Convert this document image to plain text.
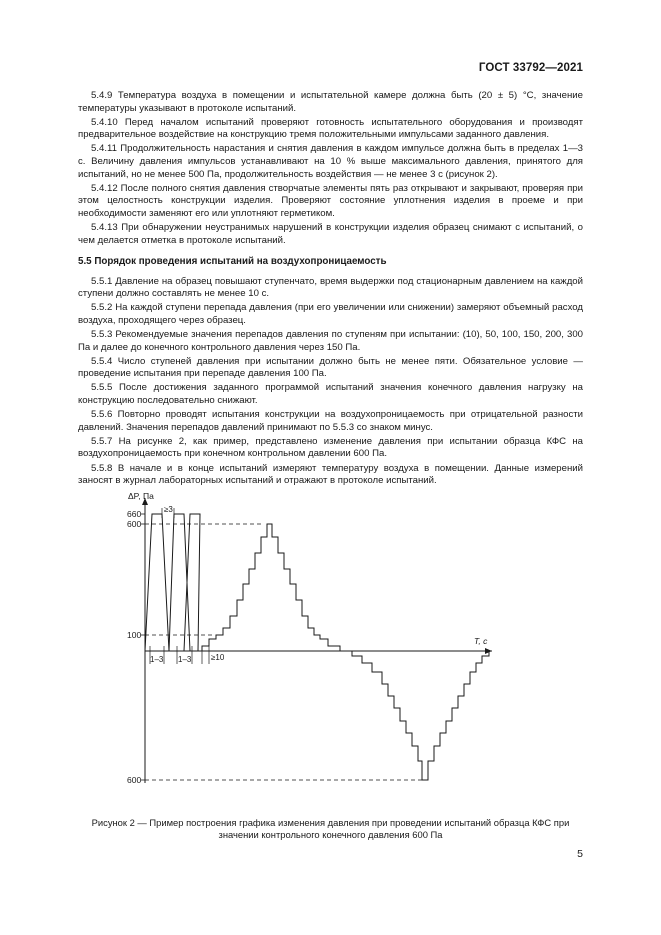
ГОСТ 33792—2021

5.4.9 Температура воздуха в помещении и испытательной камере должна быть (20 ± 5) °С, значение температуры указывают в протоколе испытаний.

5.4.10 Перед началом испытаний проверяют готовность испытательного оборудования и производят предварительное воздействие на конструкцию тремя положительными импульсами заданного давления.

5.4.11 Продолжительность нарастания и снятия давления в каждом импульсе должна быть в пределах 1—3 с. Величину давления импульсов устанавливают на 10 % выше максимального давления, принятого для испытаний, но не менее 500 Па, продолжительность воздействия — не менее 3 с (рисунок 2).

5.4.12 После полного снятия давления створчатые элементы пять раз открывают и закрывают, проверяя при этом целостность конструкции изделия. Проверяют состояние уплотнения изделия в проеме и при необходимости заменяют его или уплотняют герметиком.

5.4.13 При обнаружении неустранимых нарушений в конструкции изделия образец снимают с испытаний, о чем делается отметка в протоколе испытаний.

5.5 Порядок проведения испытаний на воздухопроницаемость

5.5.1 Давление на образец повышают ступенчато, время выдержки под стационарным давлением на каждой ступени должно составлять не менее 10 с.

5.5.2 На каждой ступени перепада давления (при его увеличении или снижении) замеряют объемный расход воздуха, проходящего через образец.

5.5.3 Рекомендуемые значения перепадов давления по ступеням при испытании: (10), 50, 100, 150, 200, 300 Па и далее до конечного контрольного давления через 150 Па.

5.5.4 Число ступеней давления при испытании должно быть не менее пяти. Обязательное условие — проведение испытания при перепаде давления 100 Па.

5.5.5 После достижения заданного программой испытаний значения конечного давления нагрузку на конструкцию последовательно снижают.

5.5.6 Повторно проводят испытания конструкции на воздухопроницаемость при отрицательной разности давлений. Значения перепадов давлений принимают по 5.5.3 со знаком минус.

5.5.7 На рисунке 2, как пример, представлено изменение давления при испытании образца КФС на воздухопроницаемость при конечном контрольном давлении 600 Па.

5.5.8 В начале и в конце испытаний измеряют температуру воздуха в помещении. Данные измерений заносят в журнал лабораторных испытаний и отражают в протоколе испытаний.

ΔP, Па
T, c
660
600
100
600
≥3
1–3 1–3 ≥10
Рисунок 2 — Пример построения графика изменения давления при проведении испытаний образца КФС при
значении контрольного конечного давления 600 Па
5
